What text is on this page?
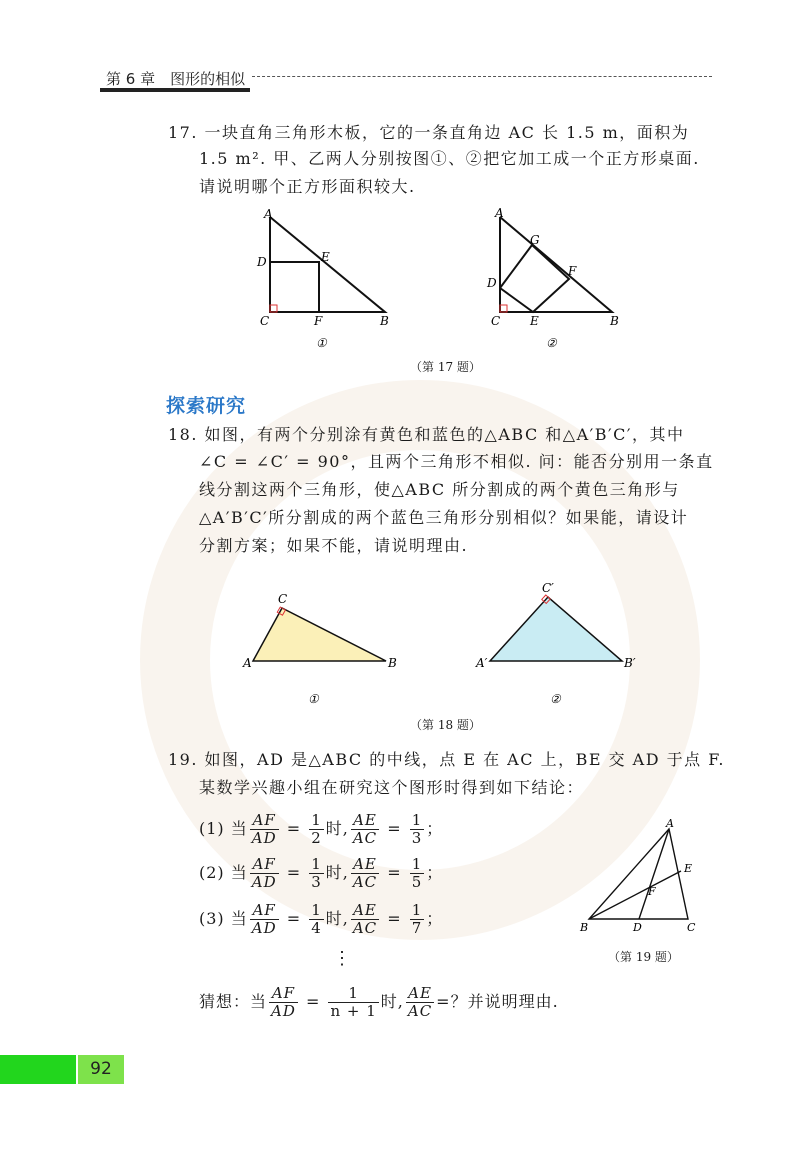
第 6 章　图形的相似
17. 一块直角三角形木板，它的一条直角边 AC 长 1.5 m，面积为
1.5 m². 甲、乙两人分别按图①、②把它加工成一个正方形桌面.
请说明哪个正方形面积较大.
A
D	E
C	F	B
①
A
G
F
D
C E	B
②
（第 17 题）
探索研究
18. 如图，有两个分别涂有黄色和蓝色的△ABC 和△A′B′C′，其中
∠C = ∠C′ = 90°，且两个三角形不相似. 问：能否分别用一条直
线分割这两个三角形，使△ABC 所分割成的两个黄色三角形与
△A′B′C′所分割成的两个蓝色三角形分别相似？如果能，请设计
分割方案；如果不能，请说明理由.
A
C
B
①
A′
C′
B′
②
（第 18 题）
19. 如图，AD 是△ABC 的中线，点 E 在 AC 上，BE 交 AD 于点 F.
某数学兴趣小组在研究这个图形时得到如下结论：
(1) 当 $\frac{AF}{AD} = \frac{1}{2}$ 时, $\frac{AE}{AC} = \frac{1}{3}$ ；
(2) 当 $\frac{AF}{AD} = \frac{1}{3}$ 时, $\frac{AE}{AC} = \frac{1}{5}$ ；
(3) 当 $\frac{AF}{AD} = \frac{1}{4}$ 时, $\frac{AE}{AC} = \frac{1}{7}$ ；
⋮
猜想：当 $\frac{AF}{AD} = \frac{1}{n + 1}$ 时, $\frac{AE}{AC}$ =？并说明理由.
A
E
F
B	D	C
（第 19 题）
92
